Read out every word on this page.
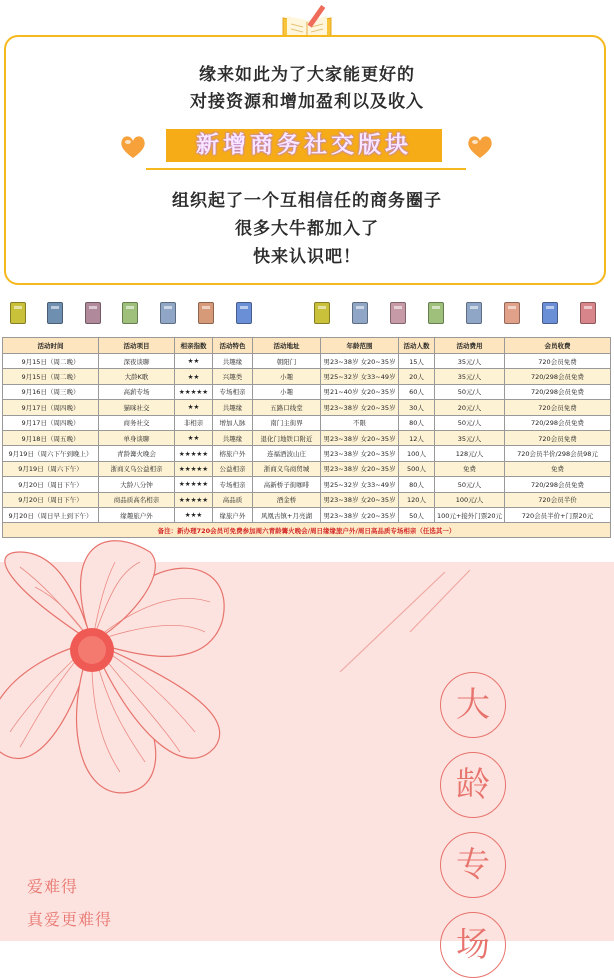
缘来如此为了大家能更好的
对接资源和增加盈利以及收入
新增商务社交版块
组织起了一个互相信任的商务圈子
很多大牛都加入了
快来认识吧！
活动时间	活动项目	相亲指数	活动特色	活动地址	年龄范围	活动人数	活动费用	会员收费
9月15日（周二晚）	深夜谈聊	★★	共趣缘	朝阳门	男23~38岁 女20~35岁	15人	35元/人	720会员免费
9月15日（周二晚）	大龄K歌	★★	兴趣类	小趣	男25~32岁 女33~49岁	20人	35元/人	720/298会员免费
9月16日（周三晚）	高薪专场	★★★★★	专场相亲	小趣	男21~40岁 女20~35岁	60人	50元/人	720/298会员免费
9月17日（周四晚）	猫咪社交	★★	共趣缘	五路口线堂	男23~38岁 女20~35岁	30人	20元/人	720会员免费
9月17日（周四晚）	商务社交	非相亲	增加人脉	南门主街界	不限	80人	50元/人	720/298会员免费
9月18日（周五晚）	单身谈聊	★★	共趣缘	退化门地铁口附近	男23~38岁 女20~35岁	12人	35元/人	720会员免费
9月19日（周六下午到晚上）	青龄篝火晚会	★★★★★	榕旅户外	连福酒波山庄	男23~38岁 女20~35岁	100人	128元/人	720会员半价/298会员98元
9月19日（周六下午）	浙商义乌公益相亲	★★★★★	公益相亲	浙商义乌商贸城	男23~38岁 女20~35岁	500人	免费	免费
9月20日（周日下午）	大龄八分钟	★★★★★	专场相亲	高新桥子街咖啡	男25~32岁 女33~49岁	80人	50元/人	720/298会员免费
9月20日（周日下午）	商品质高名相亲	★★★★★	高品质	酒金桥	男23~38岁 女20~35岁	120人	100元/人	720会员半价
9月20日（周日早上到下午）	缘趣旅户外	★★★	缘旅户外	风凰古镇+月亮湖	男23~38岁 女20~35岁	50人	100元+接外门票20元	720会员半价+门票20元
备注：新办理720会员可免费参加周六青龄篝火晚会/周日缘缘旅户外/周日高品质专场相亲（任选其一）								
大
龄
专
场
爱难得
真爱更难得
